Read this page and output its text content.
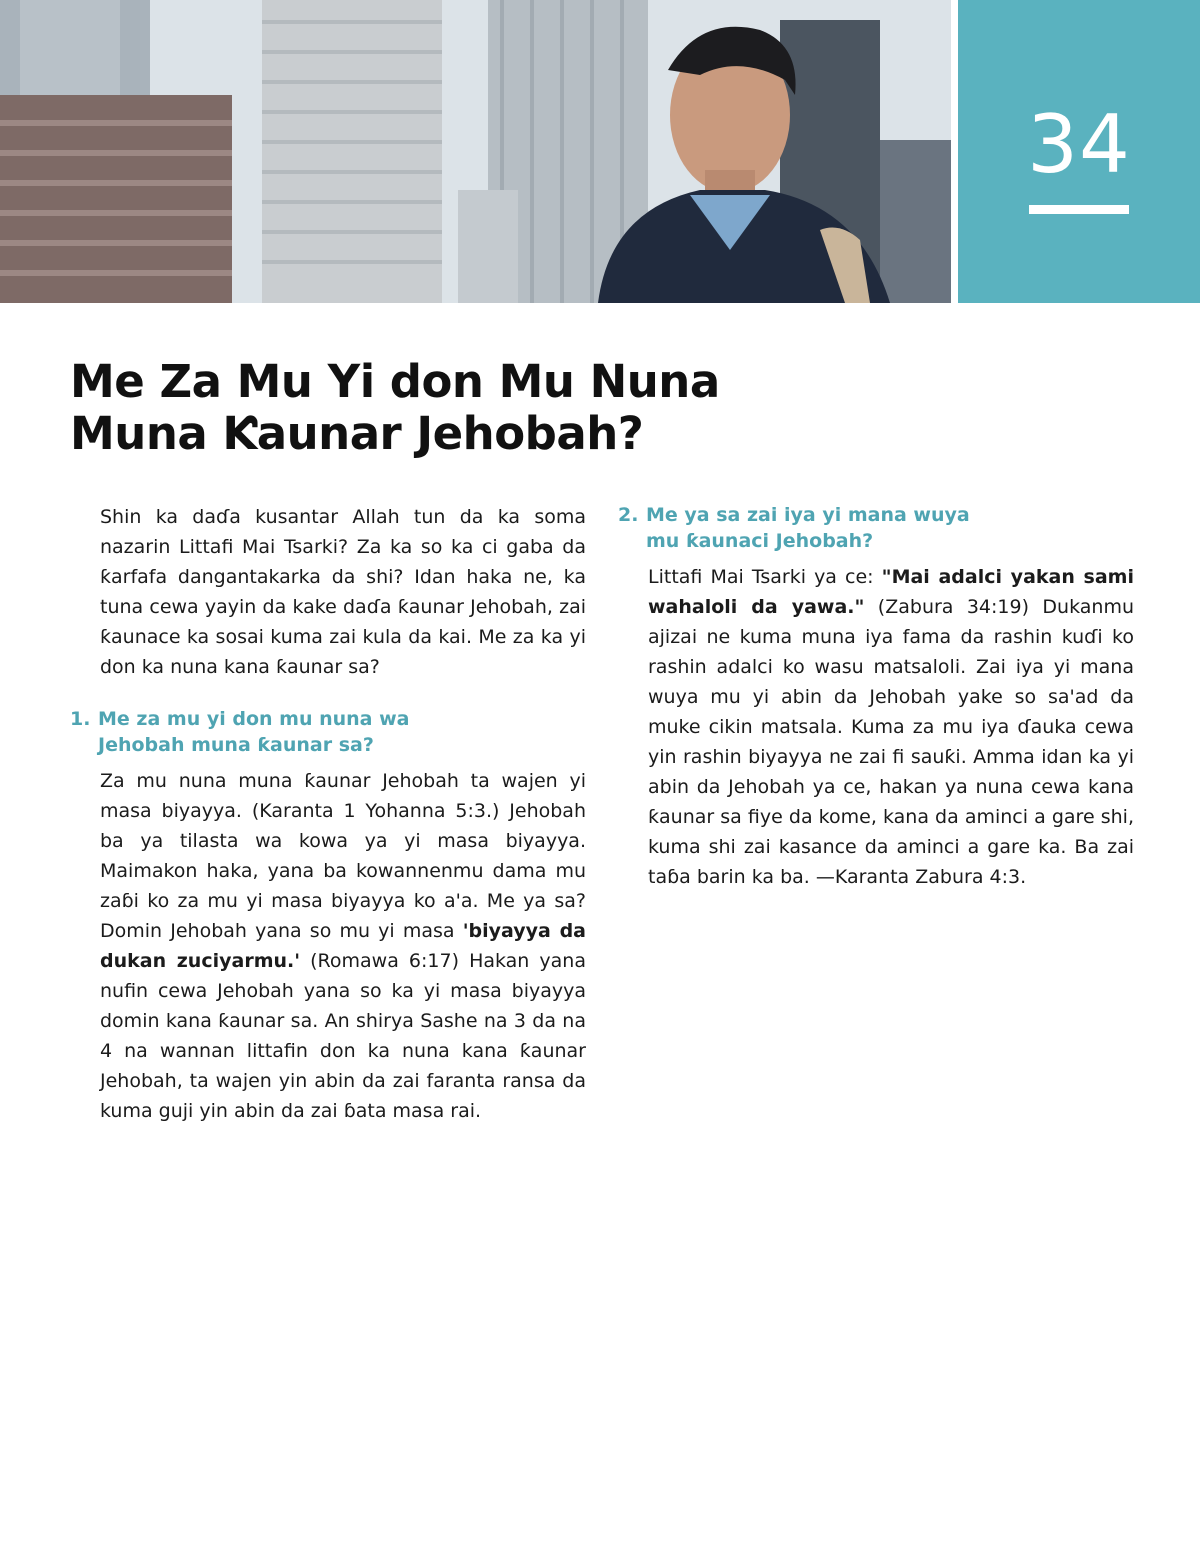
34
Me Za Mu Yi don Mu Nuna
Muna Ƙaunar Jehobah?

Shin ka daɗa kusantar Allah tun da ka soma nazarin Littafi Mai Tsarki? Za ka so ka ci gaba da ƙarfafa dangantakarka da shi? Idan haka ne, ka tuna cewa yayin da kake daɗa ƙaunar Jehobah, zai ƙaunace ka sosai kuma zai kula da kai. Me za ka yi don ka nuna kana ƙaunar sa?

1. Me za mu yi don mu nuna wa
Jehobah muna ƙaunar sa?

Za mu nuna muna ƙaunar Jehobah ta wajen yi masa biyayya. (Karanta 1 Yohanna 5:3.) Jehobah ba ya tilasta wa kowa ya yi masa biyayya. Maimakon haka, yana ba kowannenmu dama mu zaɓi ko za mu yi masa biyayya ko a'a. Me ya sa? Domin Jehobah yana so mu yi masa 'biyayya da dukan zuciyarmu.' (Romawa 6:17) Hakan yana nufin cewa Jehobah yana so ka yi masa biyayya domin kana ƙaunar sa. An shirya Sashe na 3 da na 4 na wannan littafin don ka nuna kana ƙaunar Jehobah, ta wajen yin abin da zai faranta ransa da kuma guji yin abin da zai ɓata masa rai.

2. Me ya sa zai iya yi mana wuya
mu ƙaunaci Jehobah?

Littafi Mai Tsarki ya ce: "Mai adalci yakan sami wahaloli da yawa." (Zabura 34:19) Dukanmu ajizai ne kuma muna iya fama da rashin kuɗi ko rashin adalci ko wasu matsaloli. Zai iya yi mana wuya mu yi abin da Jehobah yake so sa'ad da muke cikin matsala. Kuma za mu iya ɗauka cewa yin rashin biyayya ne zai fi sauƙi. Amma idan ka yi abin da Jehobah ya ce, hakan ya nuna cewa kana ƙaunar sa fiye da kome, kana da aminci a gare shi, kuma shi zai kasance da aminci a gare ka. Ba zai taɓa barin ka ba. —Karanta Zabura 4:3.
